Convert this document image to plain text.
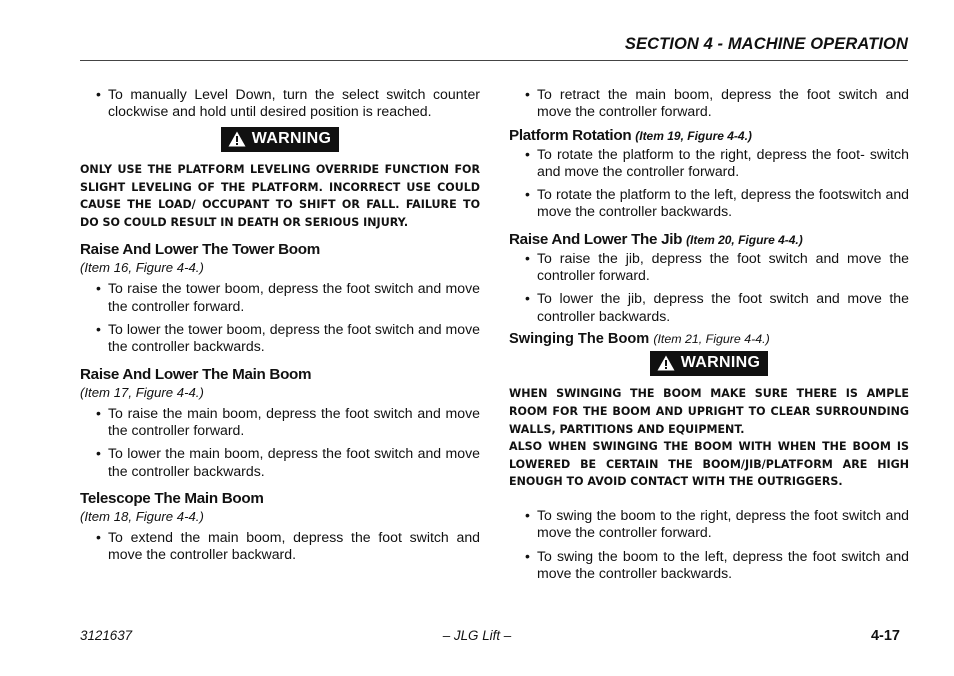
SECTION 4 - MACHINE OPERATION
• To manually Level Down, turn the select switch counter clockwise and hold until desired position is reached.
WARNING

ONLY USE THE PLATFORM LEVELING OVERRIDE FUNCTION FOR SLIGHT LEVELING OF THE PLATFORM. INCORRECT USE COULD CAUSE THE LOAD/ OCCUPANT TO SHIFT OR FALL. FAILURE TO DO SO COULD RESULT IN DEATH OR SERIOUS INJURY.

Raise And Lower The Tower Boom
(Item 16, Figure 4-4.)
• To raise the tower boom, depress the foot switch and move the controller forward.
• To lower the tower boom, depress the foot switch and move the controller backwards.
Raise And Lower The Main Boom
(Item 17, Figure 4-4.)
• To raise the main boom, depress the foot switch and move the controller forward.
• To lower the main boom, depress the foot switch and move the controller backwards.
Telescope The Main Boom
(Item 18, Figure 4-4.)
• To extend the main boom, depress the foot switch and move the controller backward.
• To retract the main boom, depress the foot switch and move the controller forward.
Platform Rotation (Item 19, Figure 4-4.)
• To rotate the platform to the right, depress the foot- switch and move the controller forward.
• To rotate the platform to the left, depress the footswitch and move the controller backwards.
Raise And Lower The Jib (Item 20, Figure 4-4.)
• To raise the jib, depress the foot switch and move the controller forward.
• To lower the jib, depress the foot switch and move the controller backwards.
Swinging The Boom (Item 21, Figure 4-4.)
WARNING

WHEN SWINGING THE BOOM MAKE SURE THERE IS AMPLE ROOM FOR THE BOOM AND UPRIGHT TO CLEAR SURROUNDING WALLS, PARTITIONS AND EQUIPMENT.

ALSO WHEN SWINGING THE BOOM WITH WHEN THE BOOM IS LOWERED BE CERTAIN THE BOOM/JIB/PLATFORM ARE HIGH ENOUGH TO AVOID CONTACT WITH THE OUTRIGGERS.

• To swing the boom to the right, depress the foot switch and move the controller forward.
• To swing the boom to the left, depress the foot switch and move the controller backwards.
– JLG Lift –
3121637	4-17
